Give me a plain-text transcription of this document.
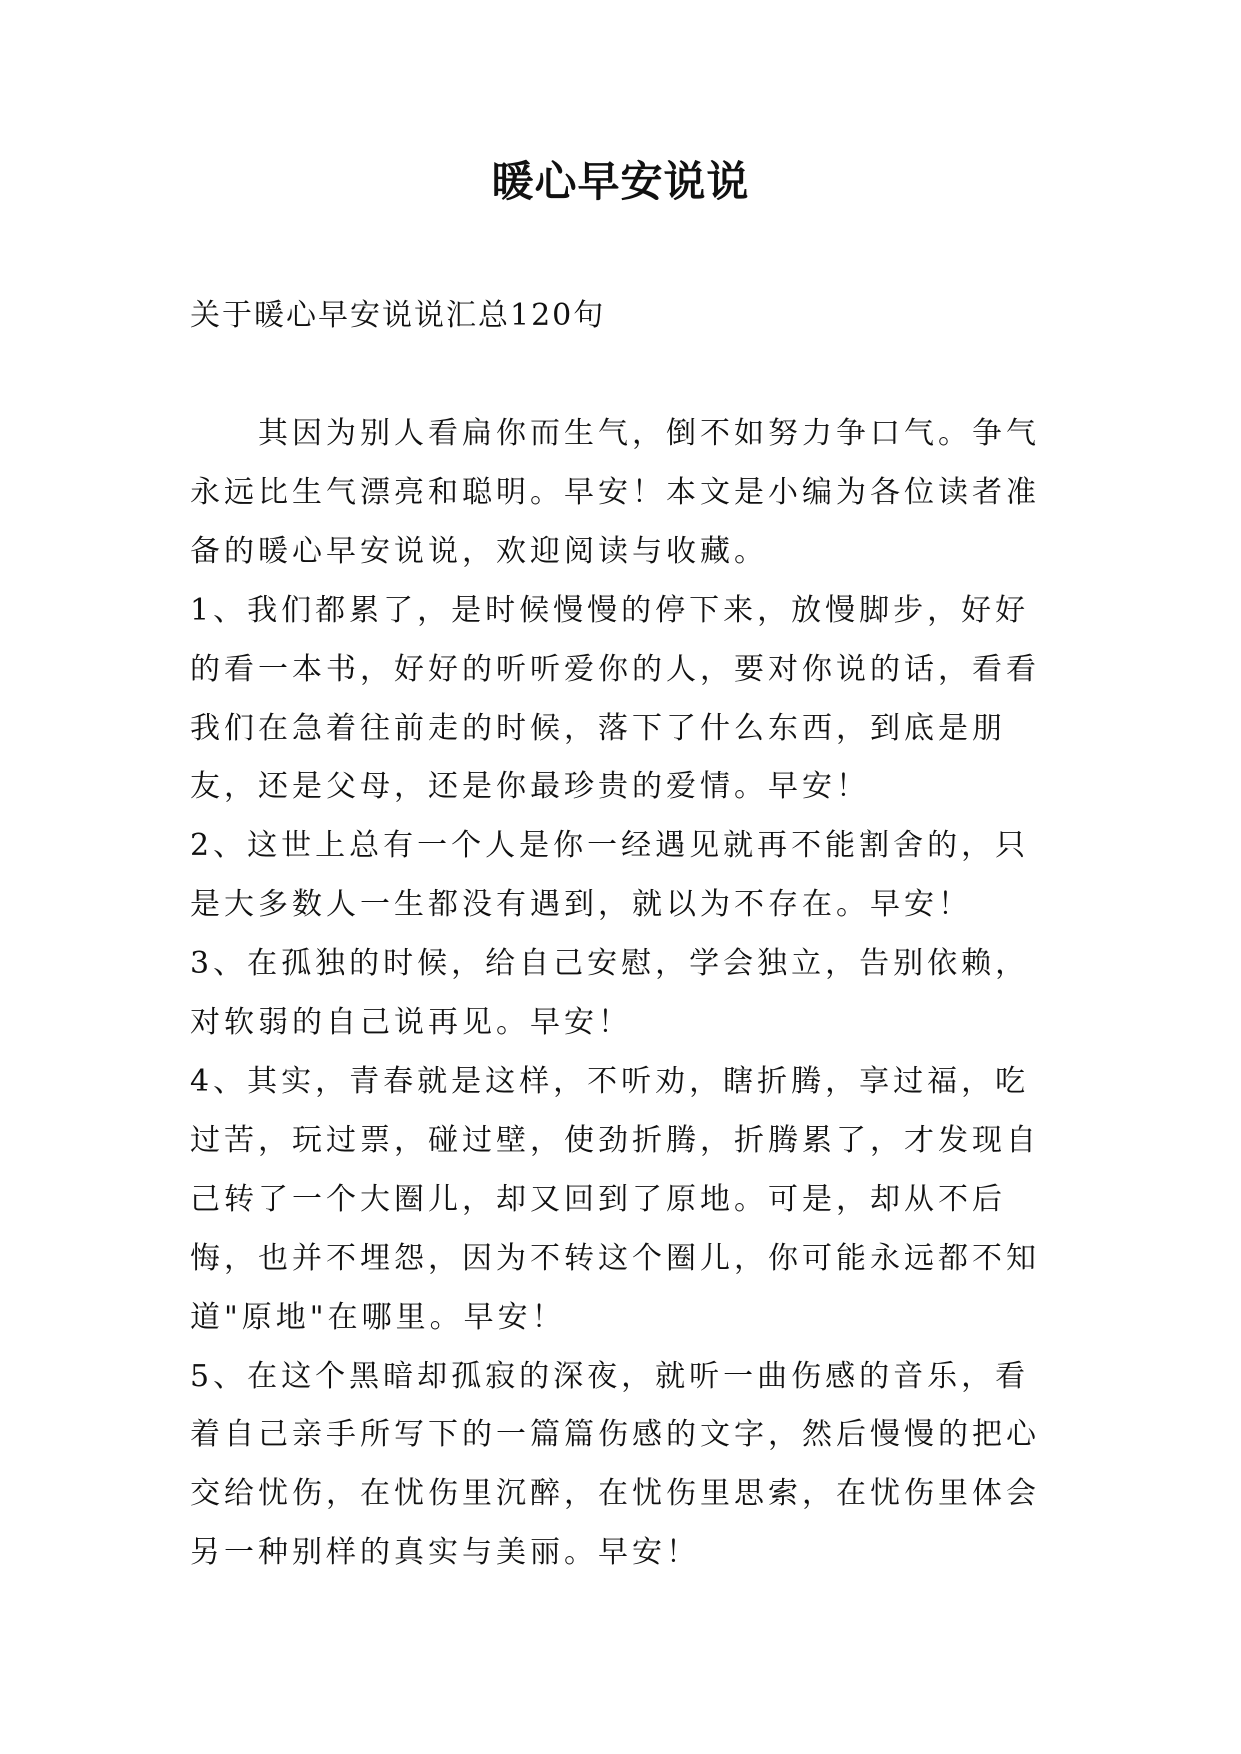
暖心早安说说
关于暖心早安说说汇总120句

其因为别人看扁你而生气，倒不如努力争口气。争气永远比生气漂亮和聪明。早安！本文是小编为各位读者准备的暖心早安说说，欢迎阅读与收藏。

1、我们都累了，是时候慢慢的停下来，放慢脚步，好好的看一本书，好好的听听爱你的人，要对你说的话，看看我们在急着往前走的时候，落下了什么东西，到底是朋友，还是父母，还是你最珍贵的爱情。早安！

2、这世上总有一个人是你一经遇见就再不能割舍的，只是大多数人一生都没有遇到，就以为不存在。早安！

3、在孤独的时候，给自己安慰，学会独立，告别依赖，对软弱的自己说再见。早安！

4、其实，青春就是这样，不听劝，瞎折腾，享过福，吃过苦，玩过票，碰过壁，使劲折腾，折腾累了，才发现自己转了一个大圈儿，却又回到了原地。可是，却从不后悔，也并不埋怨，因为不转这个圈儿，你可能永远都不知道"原地"在哪里。早安！

5、在这个黑暗却孤寂的深夜，就听一曲伤感的音乐，看着自己亲手所写下的一篇篇伤感的文字，然后慢慢的把心交给忧伤，在忧伤里沉醉，在忧伤里思索，在忧伤里体会另一种别样的真实与美丽。早安！
